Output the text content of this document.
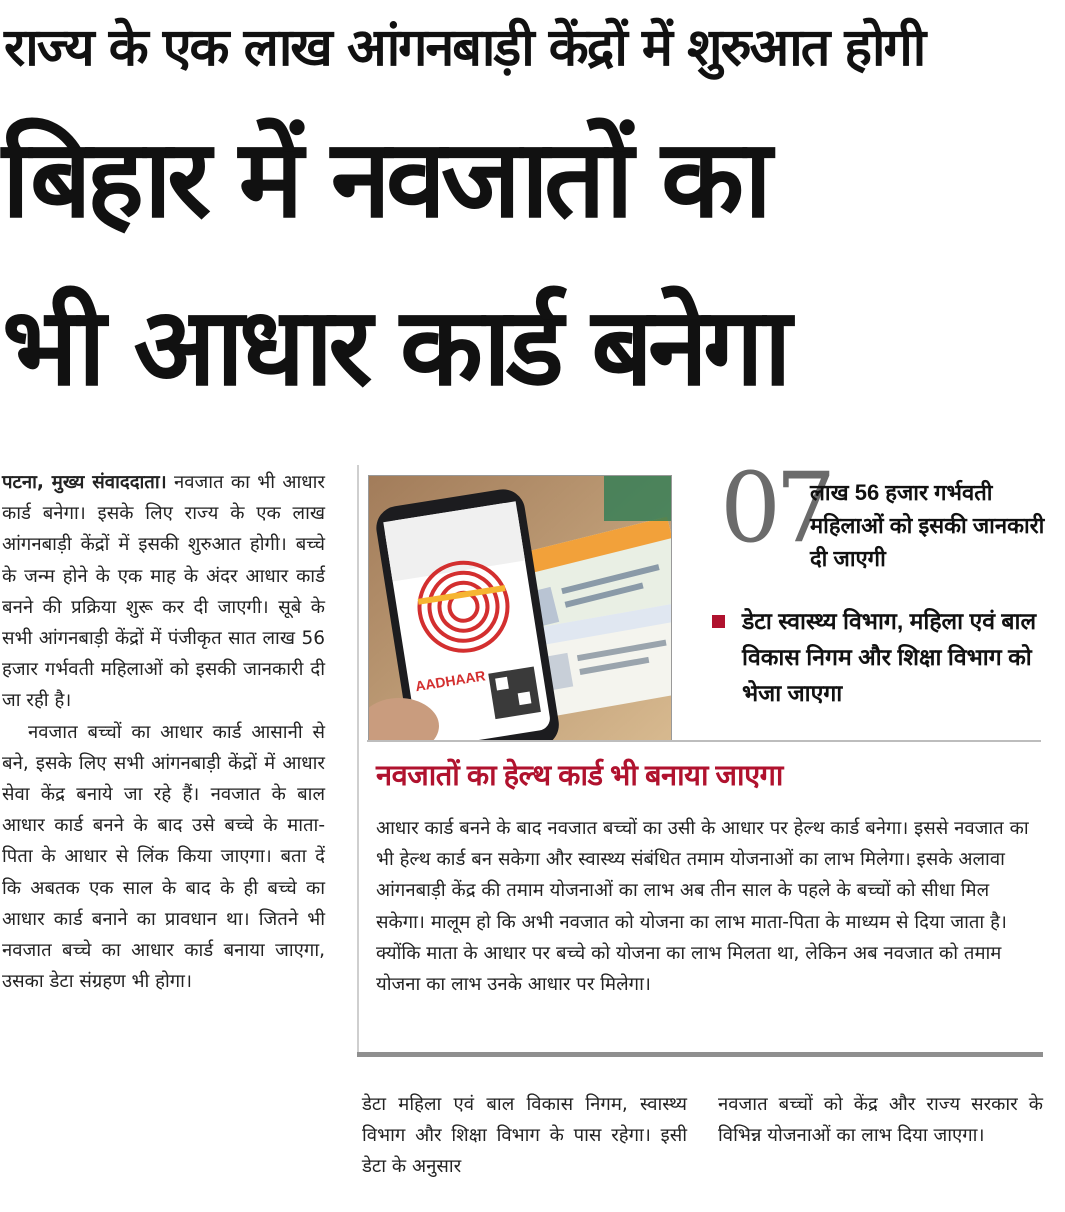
राज्य के एक लाख आंगनबाड़ी केंद्रों में शुरुआत होगी
बिहार में नवजातों का
भी आधार कार्ड बनेगा

पटना, मुख्य संवाददाता। नवजात का भी आधार कार्ड बनेगा। इसके लिए राज्य के एक लाख आंगनबाड़ी केंद्रों में इसकी शुरुआत होगी। बच्चे के जन्म होने के एक माह के अंदर आधार कार्ड बनने की प्रक्रिया शुरू कर दी जाएगी। सूबे के सभी आंगनबाड़ी केंद्रों में पंजीकृत सात लाख 56 हजार गर्भवती महिलाओं को इसकी जानकारी दी जा रही है।

नवजात बच्चों का आधार कार्ड आसानी से बने, इसके लिए सभी आंगनबाड़ी केंद्रों में आधार सेवा केंद्र बनाये जा रहे हैं। नवजात के बाल आधार कार्ड बनने के बाद उसे बच्चे के माता-पिता के आधार से लिंक किया जाएगा। बता दें कि अबतक एक साल के बाद के ही बच्चे का आधार कार्ड बनाने का प्रावधान था। जितने भी नवजात बच्चे का आधार कार्ड बनाया जाएगा, उसका डेटा संग्रहण भी होगा।

AADHAAR
07
लाख 56 हजार गर्भवती महिलाओं को इसकी जानकारी दी जाएगी
डेटा स्वास्थ्य विभाग, महिला एवं बाल विकास निगम और शिक्षा विभाग को भेजा जाएगा
नवजातों का हेल्थ कार्ड भी बनाया जाएगा
आधार कार्ड बनने के बाद नवजात बच्चों का उसी के आधार पर हेल्थ कार्ड बनेगा। इससे नवजात का भी हेल्थ कार्ड बन सकेगा और स्वास्थ्य संबंधित तमाम योजनाओं का लाभ मिलेगा। इसके अलावा आंगनबाड़ी केंद्र की तमाम योजनाओं का लाभ अब तीन साल के पहले के बच्चों को सीधा मिल सकेगा। मालूम हो कि अभी नवजात को योजना का लाभ माता-पिता के माध्यम से दिया जाता है। क्योंकि माता के आधार पर बच्चे को योजना का लाभ मिलता था, लेकिन अब नवजात को तमाम योजना का लाभ उनके आधार पर मिलेगा।
डेटा महिला एवं बाल विकास निगम, स्वास्थ्य विभाग और शिक्षा विभाग के पास रहेगा। इसी डेटा के अनुसार
नवजात बच्चों को केंद्र और राज्य सरकार के विभिन्न योजनाओं का लाभ दिया जाएगा।
